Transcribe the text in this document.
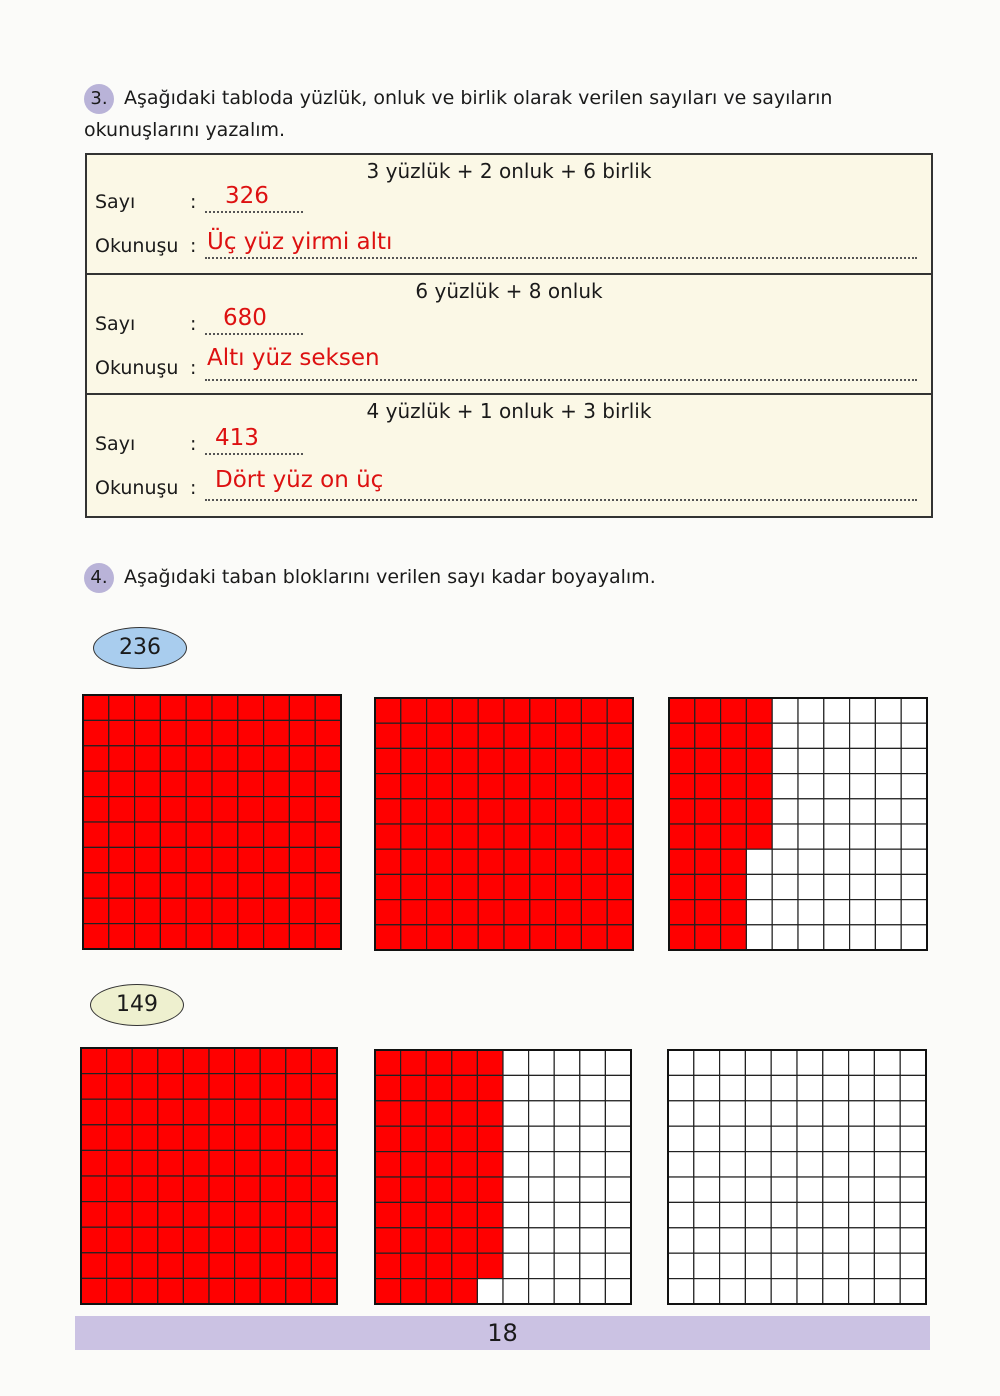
3. Aşağıdaki tabloda yüzlük, onluk ve birlik olarak verilen sayıları ve sayıların okunuşlarını yazalım.
3 yüzlük + 2 onluk + 6 birlik
Sayı	: 326
Okunuşu : Üç yüz yirmi altı
6 yüzlük + 8 onluk
Sayı	: 680
Okunuşu : Altı yüz seksen
4 yüzlük + 1 onluk + 3 birlik
Sayı	: 413
Okunuşu : Dört yüz on üç
4. Aşağıdaki taban bloklarını verilen sayı kadar boyayalım.
236
149
18
